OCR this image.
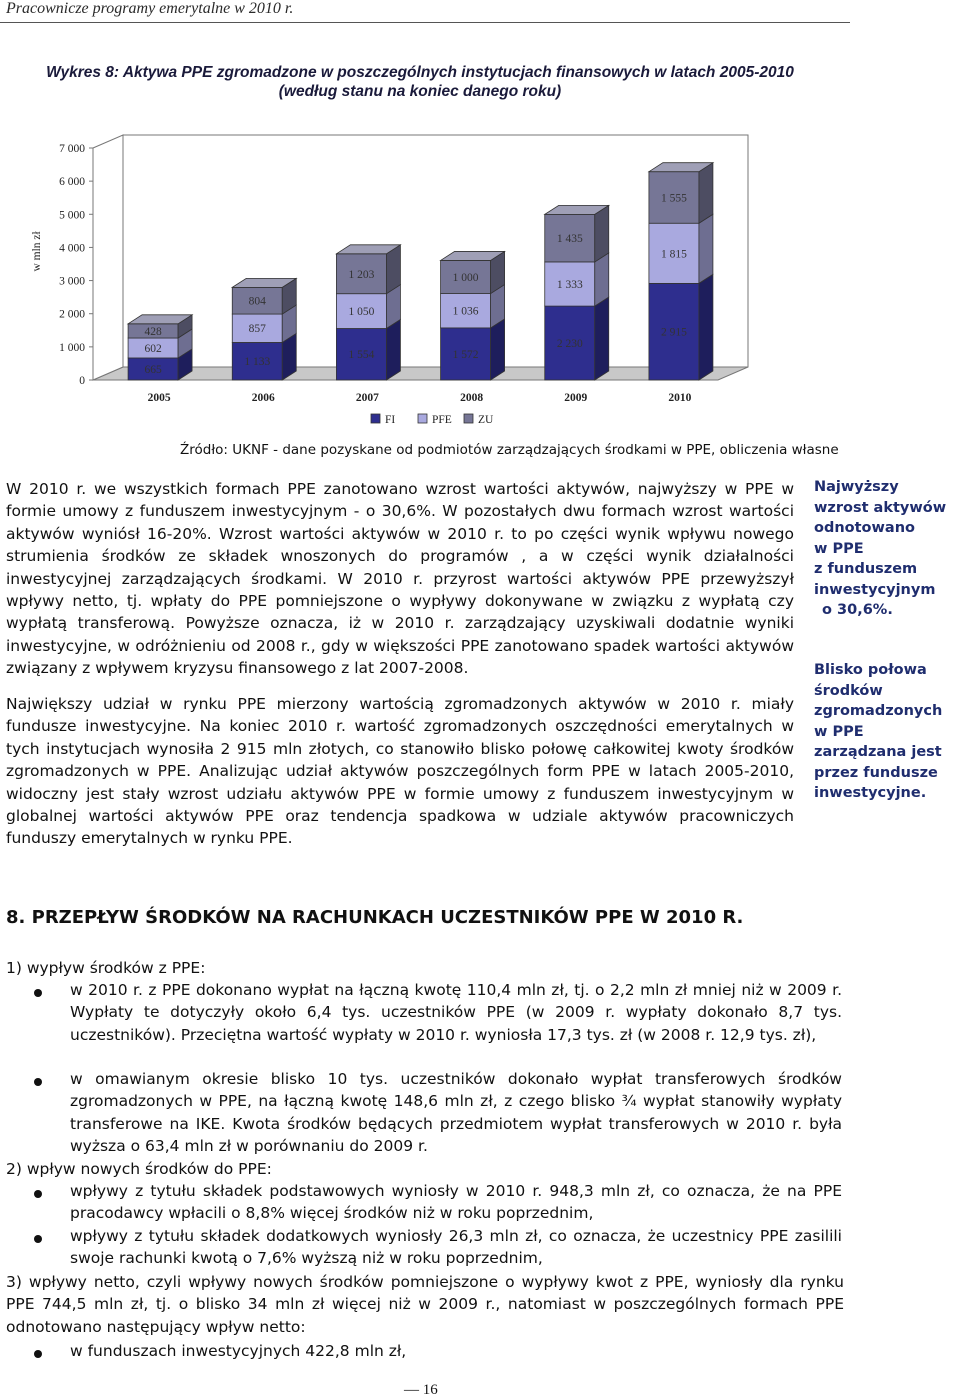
Pracownicze programy emerytalne w 2010 r.
Wykres 8: Aktywa PPE zgromadzone w poszczególnych instytucjach finansowych w latach 2005-2010
(według stanu na koniec danego roku)
0
1 000
2 000
3 000
4 000
5 000
6 000
7 000
w mln zł
665
602
428
2005
1 133
857
804
2006
1 554
1 050
1 203
2007
1 572
1 036
1 000
2008
2 230
1 333
1 435
2009
2 915
1 815
1 555
2010
FI	PFE ZU
Źródło: UKNF - dane pozyskane od podmiotów zarządzających środkami w PPE, obliczenia własne

W 2010 r. we wszystkich formach PPE zanotowano wzrost wartości aktywów, najwyższy w PPE w formie umowy z funduszem inwestycyjnym - o 30,6%. W pozostałych dwu formach wzrost wartości aktywów wyniósł 16-20%. Wzrost wartości aktywów w 2010 r. to po części wynik wpływu nowego strumienia środków ze składek wnoszonych do programów , a w części wynik działalności inwestycyjnej zarządzających środkami. W 2010 r. przyrost wartości aktywów PPE przewyższył wpływy netto, tj. wpłaty do PPE pomniejszone o wypływy dokonywane w związku z wypłatą czy wypłatą transferową. Powyższe oznacza, iż w 2010 r. zarządzający uzyskiwali dodatnie wyniki inwestycyjne, w odróżnieniu od 2008 r., gdy w większości PPE zanotowano spadek wartości aktywów związany z wpływem kryzysu finansowego z lat 2007-2008.

Największy udział w rynku PPE mierzony wartością zgromadzonych aktywów w 2010 r. miały fundusze inwestycyjne. Na koniec 2010 r. wartość zgromadzonych oszczędności emerytalnych w tych instytucjach wynosiła 2 915 mln złotych, co stanowiło blisko połowę całkowitej kwoty środków zgromadzonych w PPE. Analizując udział aktywów poszczególnych form PPE w latach 2005-2010, widoczny jest stały wzrost udziału aktywów PPE w formie umowy z funduszem inwestycyjnym w globalnej wartości aktywów PPE oraz tendencja spadkowa w udziale aktywów pracowniczych funduszy emerytalnych w rynku PPE.

Najwyższy
wzrost aktywów
odnotowano
w PPE
z funduszem
inwestycyjnym
o 30,6%.
Blisko połowa
środków
zgromadzonych
w PPE
zarządzana jest
przez fundusze
inwestycyjne.
8. PRZEPŁYW ŚRODKÓW NA RACHUNKACH UCZESTNIKÓW PPE W 2010 R.

1) wypływ środków z PPE:

w 2010 r. z PPE dokonano wypłat na łączną kwotę 110,4 mln zł, tj. o 2,2 mln zł mniej niż w 2009 r. Wypłaty te dotyczyły około 6,4 tys. uczestników PPE (w 2009 r. wypłaty dokonało 8,7 tys. uczestników). Przeciętna wartość wypłaty w 2010 r. wyniosła 17,3 tys. zł (w 2008 r. 12,9 tys. zł),

w omawianym okresie blisko 10 tys. uczestników dokonało wypłat transferowych środków zgromadzonych w PPE, na łączną kwotę 148,6 mln zł, z czego blisko ¾ wypłat stanowiły wypłaty transferowe na IKE. Kwota środków będących przedmiotem wypłat transferowych w 2010 r. była wyższa o 63,4 mln zł w porównaniu do 2009 r.

2) wpływ nowych środków do PPE:

wpływy z tytułu składek podstawowych wyniosły w 2010 r. 948,3 mln zł, co oznacza, że na PPE pracodawcy wpłacili o 8,8% więcej środków niż w roku poprzednim,

wpływy z tytułu składek dodatkowych wyniosły 26,3 mln zł, co oznacza, że uczestnicy PPE zasilili swoje rachunki kwotą o 7,6% wyższą niż w roku poprzednim,

3) wpływy netto, czyli wpływy nowych środków pomniejszone o wypływy kwot z PPE, wyniosły dla rynku PPE 744,5 mln zł, tj. o blisko 34 mln zł więcej niż w 2009 r., natomiast w poszczególnych formach PPE odnotowano następujący wpływ netto:

w funduszach inwestycyjnych 422,8 mln zł,

— 16
